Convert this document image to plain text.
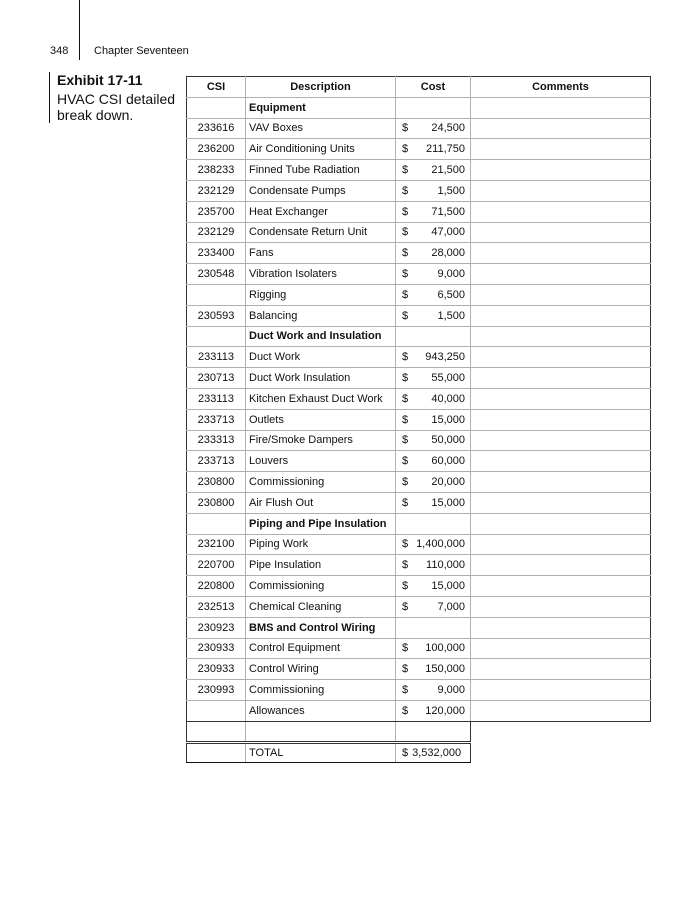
348 Chapter Seventeen
Exhibit 17-11
HVAC CSI detailed break down.
CSI	Description	Cost	Comments
	Equipment		
233616	VAV Boxes	$ 24,500	

236200	Air Conditioning Units	$ 211,750	

238233	Finned Tube Radiation	$ 21,500	

232129	Condensate Pumps	$ 1,500	

235700	Heat Exchanger	$ 71,500	

232129	Condensate Return Unit	$ 47,000	

233400	Fans	$ 28,000	

230548	Vibration Isolaters	$ 9,000	

	Rigging	$ 6,500	

230593	Balancing	$ 1,500	

	Duct Work and Insulation		
233113	Duct Work	$ 943,250	

230713	Duct Work Insulation	$ 55,000	

233113	Kitchen Exhaust Duct Work	$ 40,000	

233713	Outlets	$ 15,000	

233313	Fire/Smoke Dampers	$ 50,000	

233713	Louvers	$ 60,000	

230800	Commissioning	$ 20,000	

230800	Air Flush Out	$ 15,000	

	Piping and Pipe Insulation		
232100	Piping Work	$ 1,400,000	

220700	Pipe Insulation	$ 110,000	

220800	Commissioning	$ 15,000	

232513	Chemical Cleaning	$ 7,000	

230923	BMS and Control Wiring		
230933	Control Equipment	$ 100,000	

230933	Control Wiring	$ 150,000	

230993	Commissioning	$ 9,000	

	Allowances	$ 120,000	

	TOTAL	$ 3,532,000	
